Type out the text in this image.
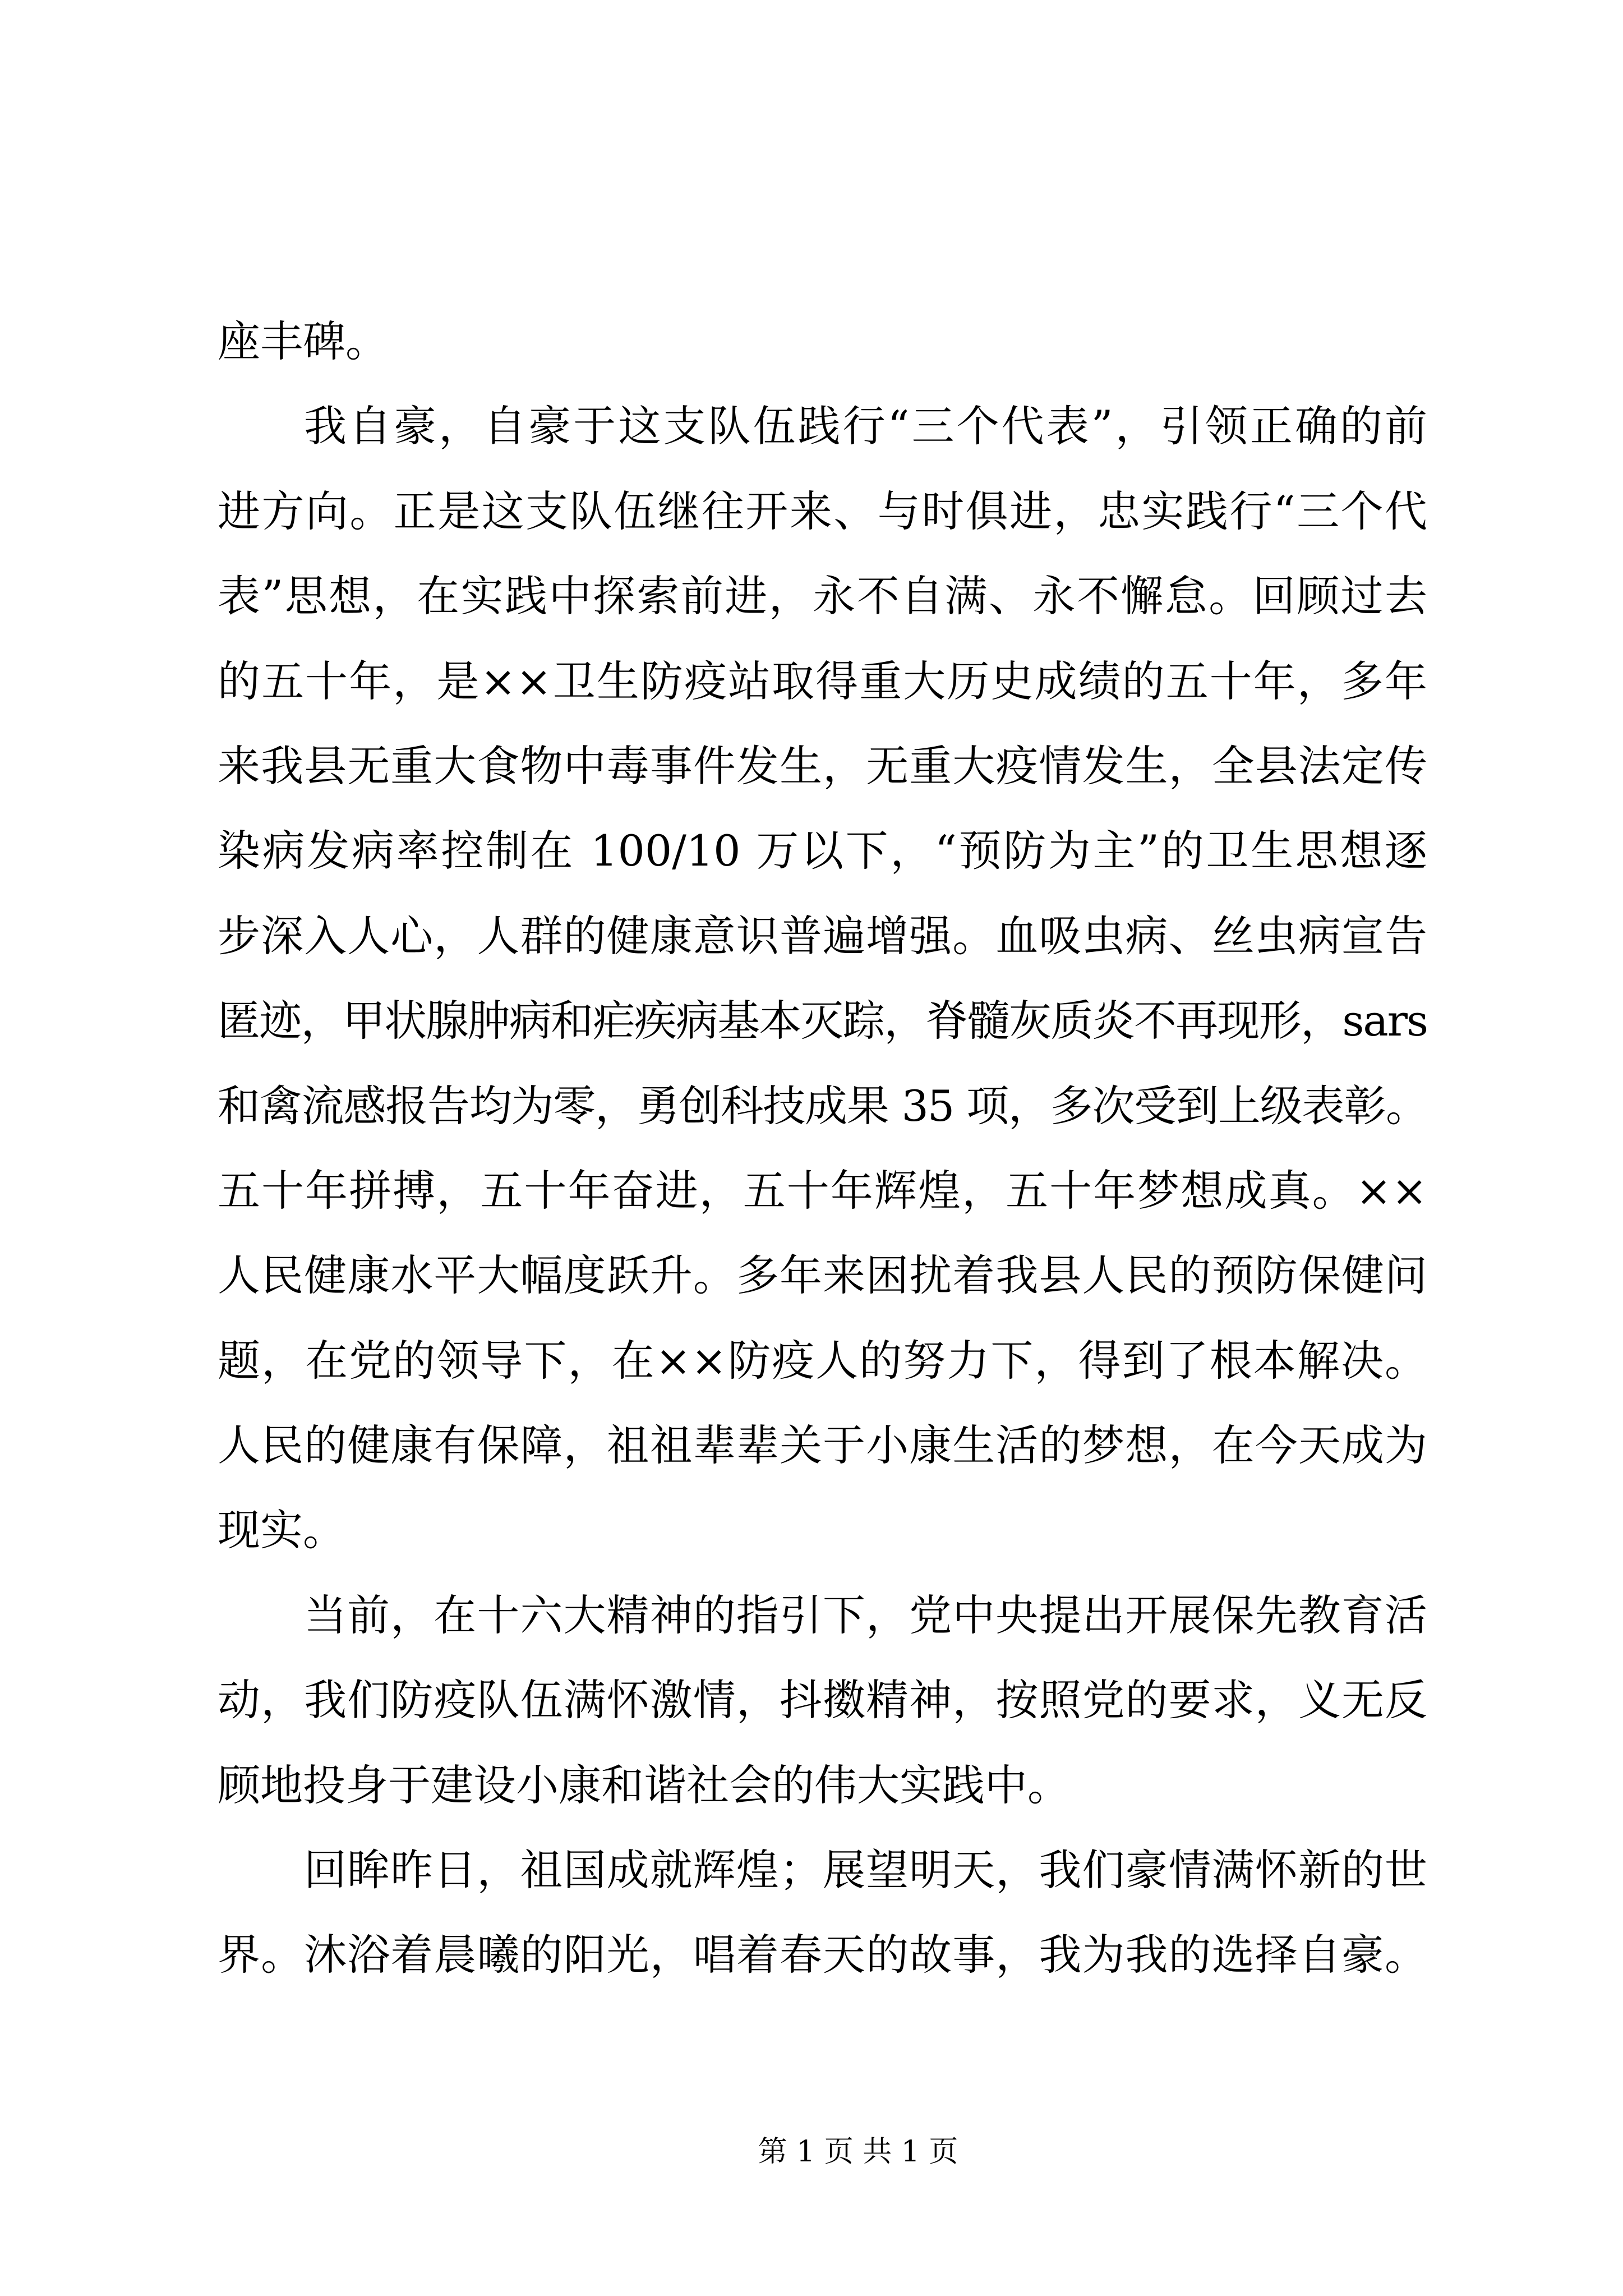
座丰碑。
我自豪，自豪于这支队伍践行“三个代表”，引领正确的前
进方向。正是这支队伍继往开来、与时俱进，忠实践行“三个代
表”思想，在实践中探索前进，永不自满、永不懈怠。回顾过去
的五十年，是××卫生防疫站取得重大历史成绩的五十年，多年
来我县无重大食物中毒事件发生，无重大疫情发生，全县法定传
染病发病率控制在 100/10 万以下，“预防为主”的卫生思想逐
步深入人心，人群的健康意识普遍增强。血吸虫病、丝虫病宣告
匿迹，甲状腺肿病和疟疾病基本灭踪，脊髓灰质炎不再现形，sars
和禽流感报告均为零，勇创科技成果 35 项，多次受到上级表彰。
五十年拼搏，五十年奋进，五十年辉煌，五十年梦想成真。××
人民健康水平大幅度跃升。多年来困扰着我县人民的预防保健问
题，在党的领导下，在××防疫人的努力下，得到了根本解决。
人民的健康有保障，祖祖辈辈关于小康生活的梦想，在今天成为
现实。
当前，在十六大精神的指引下，党中央提出开展保先教育活
动，我们防疫队伍满怀激情，抖擞精神，按照党的要求，义无反
顾地投身于建设小康和谐社会的伟大实践中。
回眸昨日，祖国成就辉煌；展望明天，我们豪情满怀新的世
界。沐浴着晨曦的阳光，唱着春天的故事，我为我的选择自豪。
第 1 页 共 1 页
